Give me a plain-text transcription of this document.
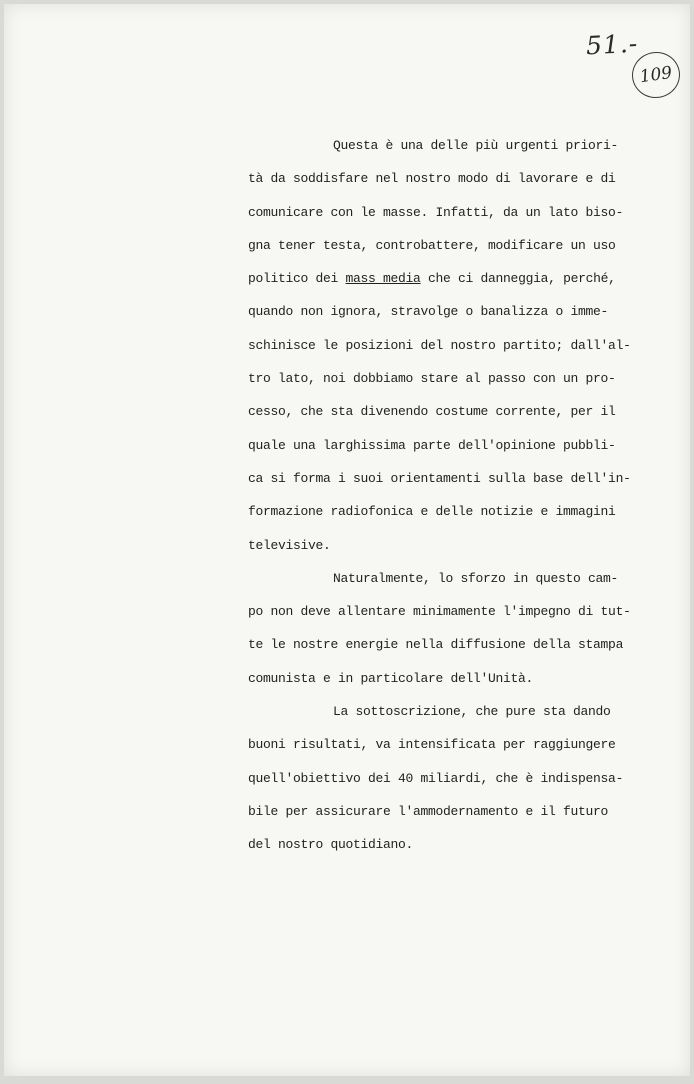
51.-
109
Questa è una delle più urgenti priori-
tà da soddisfare nel nostro modo di lavorare e di
comunicare con le masse. Infatti, da un lato biso-
gna tener testa, controbattere, modificare un uso
politico dei mass media che ci danneggia, perché,
quando non ignora, stravolge o banalizza o imme-
schinisce le posizioni del nostro partito; dall'al-
tro lato, noi dobbiamo stare al passo con un pro-
cesso, che sta divenendo costume corrente, per il
quale una larghissima parte dell'opinione pubbli-
ca si forma i suoi orientamenti sulla base dell'in-
formazione radiofonica e delle notizie e immagini
televisive.
Naturalmente, lo sforzo in questo cam-
po non deve allentare minimamente l'impegno di tut-
te le nostre energie nella diffusione della stampa
comunista e in particolare dell'Unità.
La sottoscrizione, che pure sta dando
buoni risultati, va intensificata per raggiungere
quell'obiettivo dei 40 miliardi, che è indispensa-
bile per assicurare l'ammodernamento e il futuro
del nostro quotidiano.
